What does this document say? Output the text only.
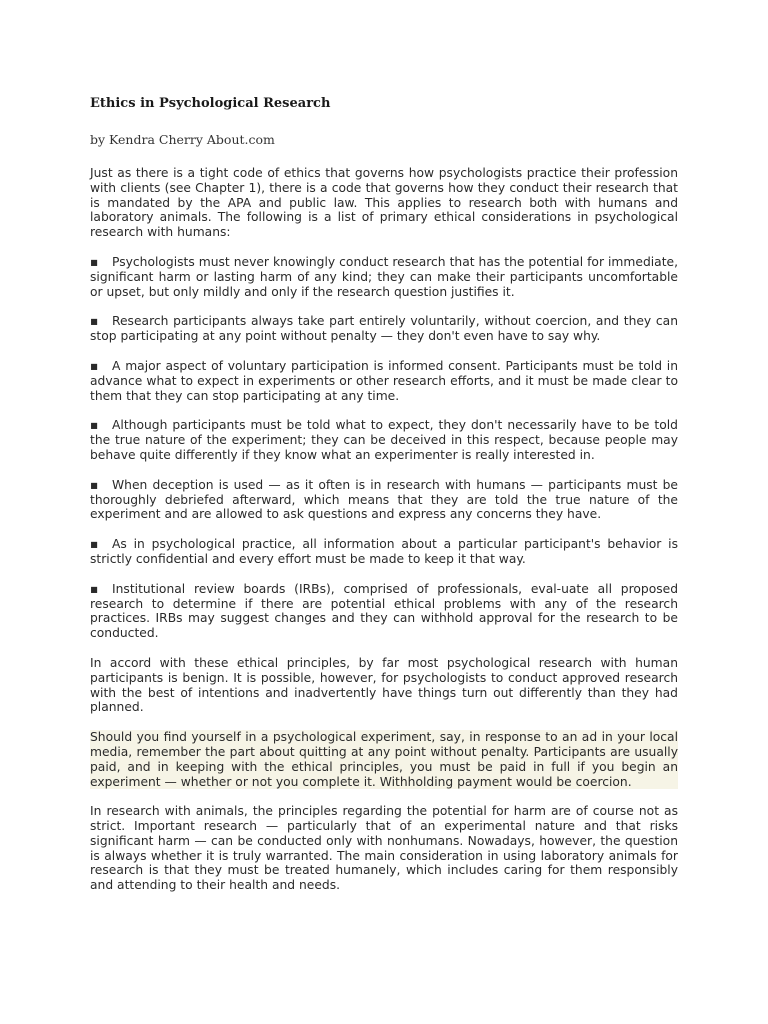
Ethics in Psychological Research
by Kendra Cherry About.com

Just as there is a tight code of ethics that governs how psychologists practice their profession with clients (see Chapter 1), there is a code that governs how they conduct their research that is mandated by the APA and public law. This applies to research both with humans and laboratory animals. The following is a list of primary ethical considerations in psychological research with humans:

▪ Psychologists must never knowingly conduct research that has the potential for immediate, significant harm or lasting harm of any kind; they can make their participants uncomfortable or upset, but only mildly and only if the research question justifies it.

▪ Research participants always take part entirely voluntarily, without coercion, and they can stop participating at any point without penalty — they don't even have to say why.

▪ A major aspect of voluntary participation is informed consent. Participants must be told in advance what to expect in experiments or other research efforts, and it must be made clear to them that they can stop participating at any time.

▪ Although participants must be told what to expect, they don't necessarily have to be told the true nature of the experiment; they can be deceived in this respect, because people may behave quite differently if they know what an experimenter is really interested in.

▪ When deception is used — as it often is in research with humans — participants must be thoroughly debriefed afterward, which means that they are told the true nature of the experiment and are allowed to ask questions and express any concerns they have.

▪ As in psychological practice, all information about a particular participant's behavior is strictly confidential and every effort must be made to keep it that way.

▪ Institutional review boards (IRBs), comprised of professionals, eval-uate all proposed research to determine if there are potential ethical problems with any of the research practices. IRBs may suggest changes and they can withhold approval for the research to be conducted.

In accord with these ethical principles, by far most psychological research with human participants is benign. It is possible, however, for psychologists to conduct approved research with the best of intentions and inadvertently have things turn out differently than they had planned.

Should you find yourself in a psychological experiment, say, in response to an ad in your local media, remember the part about quitting at any point without penalty. Participants are usually paid, and in keeping with the ethical principles, you must be paid in full if you begin an experiment — whether or not you complete it. Withholding payment would be coercion.

In research with animals, the principles regarding the potential for harm are of course not as strict. Important research — particularly that of an experimental nature and that risks significant harm — can be conducted only with nonhumans. Nowadays, however, the question is always whether it is truly warranted. The main consideration in using laboratory animals for research is that they must be treated humanely, which includes caring for them responsibly and attending to their health and needs.
